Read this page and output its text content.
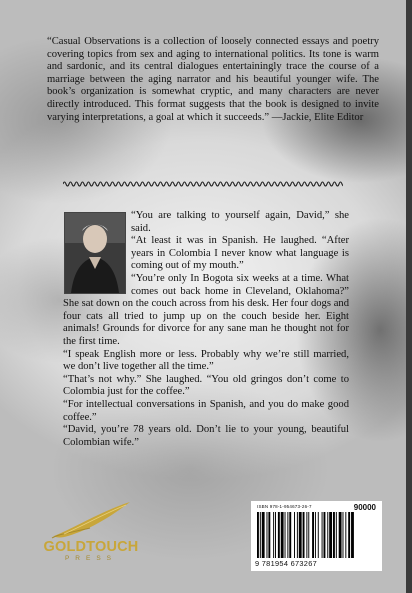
“Casual Observations is a collection of loosely connected essays and poetry covering topics from sex and aging to international politics. Its tone is warm and sardonic, and its central dialogues entertainingly trace the course of a marriage between the aging narrator and his beautiful younger wife. The book’s organization is somewhat cryptic, and many characters are never directly introduced. This format suggests that the book is designed to invite varying interpretations, a goal at which it succeeds.” —Jackie, Elite Editor

“You are talking to yourself again, David,” she said.

“At least it was in Spanish. He laughed. “After years in Colombia I never know what language is coming out of my mouth.”

“You’re only In Bogota six weeks at a time. What comes out back home in Cleveland, Oklahoma?” She sat down on the couch across from his desk. Her four dogs and four cats all tried to jump up on the couch beside her. Eight animals! Grounds for divorce for any sane man he thought not for the first time.

“I speak English more or less. Probably why we’re still married, we don’t live together all the time.”

“That’s not why.” She laughed. “You old gringos don’t come to Colombia just for the coffee.”

“For intellectual conversations in Spanish, and you do make good coffee.”

“David, you’re 78 years old. Don’t lie to your young, beautiful Colombian wife.”

GOLDTOUCH
PRESS
ISBN 978-1-954673-26-7	90000
9 781954 673267
